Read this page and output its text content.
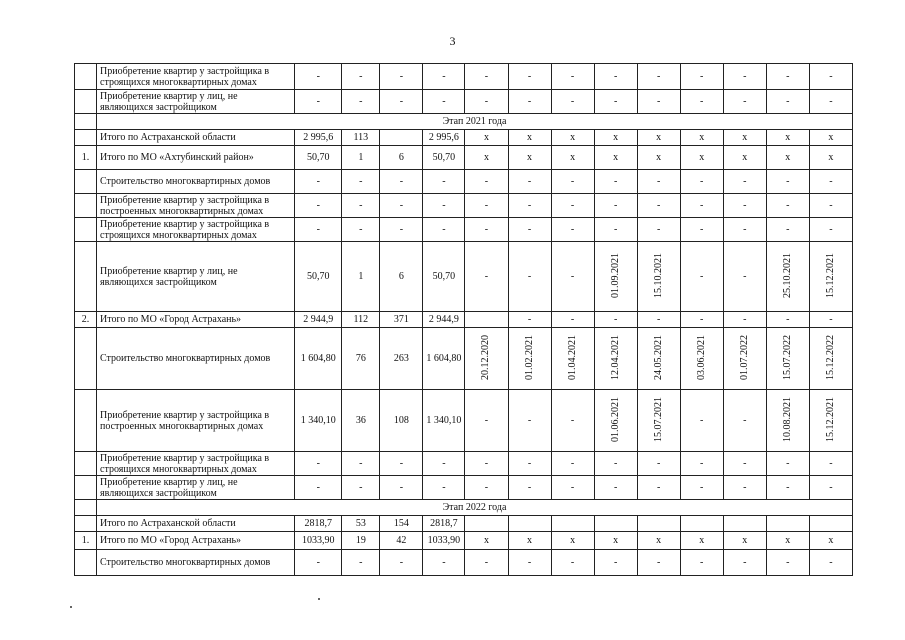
3
	Приобретение квартир у застройщика в строящихся многоквартирных домах	-	-	-	-	-	-	-	-	-	-	-	-	-
	Приобретение квартир у лиц, не являющихся застройщиком	-	-	-	-	-	-	-	-	-	-	-	-	-
	Этап 2021 года													
	Итого по Астраханской области	2 995,6	113		2 995,6	x	x	x	x	x	x	x	x	x
1.	Итого по МО «Ахтубинский район»	50,70	1	6	50,70	x	x	x	x	x	x	x	x	x
	Строительство многоквартирных домов	-	-	-	-	-	-	-	-	-	-	-	-	-
	Приобретение квартир у застройщика в построенных многоквартирных домах	-	-	-	-	-	-	-	-	-	-	-	-	-
	Приобретение квартир у застройщика в строящихся многоквартирных домах	-	-	-	-	-	-	-	-	-	-	-	-	-
	Приобретение квартир у лиц, не являющихся застройщиком	50,70	1	6	50,70	-	-	-	01.09.2021	15.10.2021	-	-	25.10.2021	15.12.2021
2.	Итого по МО «Город Астрахань»	2 944,9	112	371	2 944,9		-	-	-	-	-	-	-	-
	Строительство многоквартирных домов	1 604,80	76	263	1 604,80	20.12.2020	01.02.2021	01.04.2021	12.04.2021	24.05.2021	03.06.2021	01.07.2022	15.07.2022	15.12.2022
	Приобретение квартир у застройщика в построенных многоквартирных домах	1 340,10	36	108	1 340,10	-	-	-	01.06.2021	15.07.2021	-	-	10.08.2021	15.12.2021
	Приобретение квартир у застройщика в строящихся многоквартирных домах	-	-	-	-	-	-	-	-	-	-	-	-	-
	Приобретение квартир у лиц, не являющихся застройщиком	-	-	-	-	-	-	-	-	-	-	-	-	-
	Этап 2022 года													
	Итого по Астраханской области	2818,7	53	154	2818,7									
1.	Итого по МО «Город Астрахань»	1033,90	19	42	1033,90	x	x	x	x	x	x	x	x	x
	Строительство многоквартирных домов	-	-	-	-	-	-	-	-	-	-	-	-	-
